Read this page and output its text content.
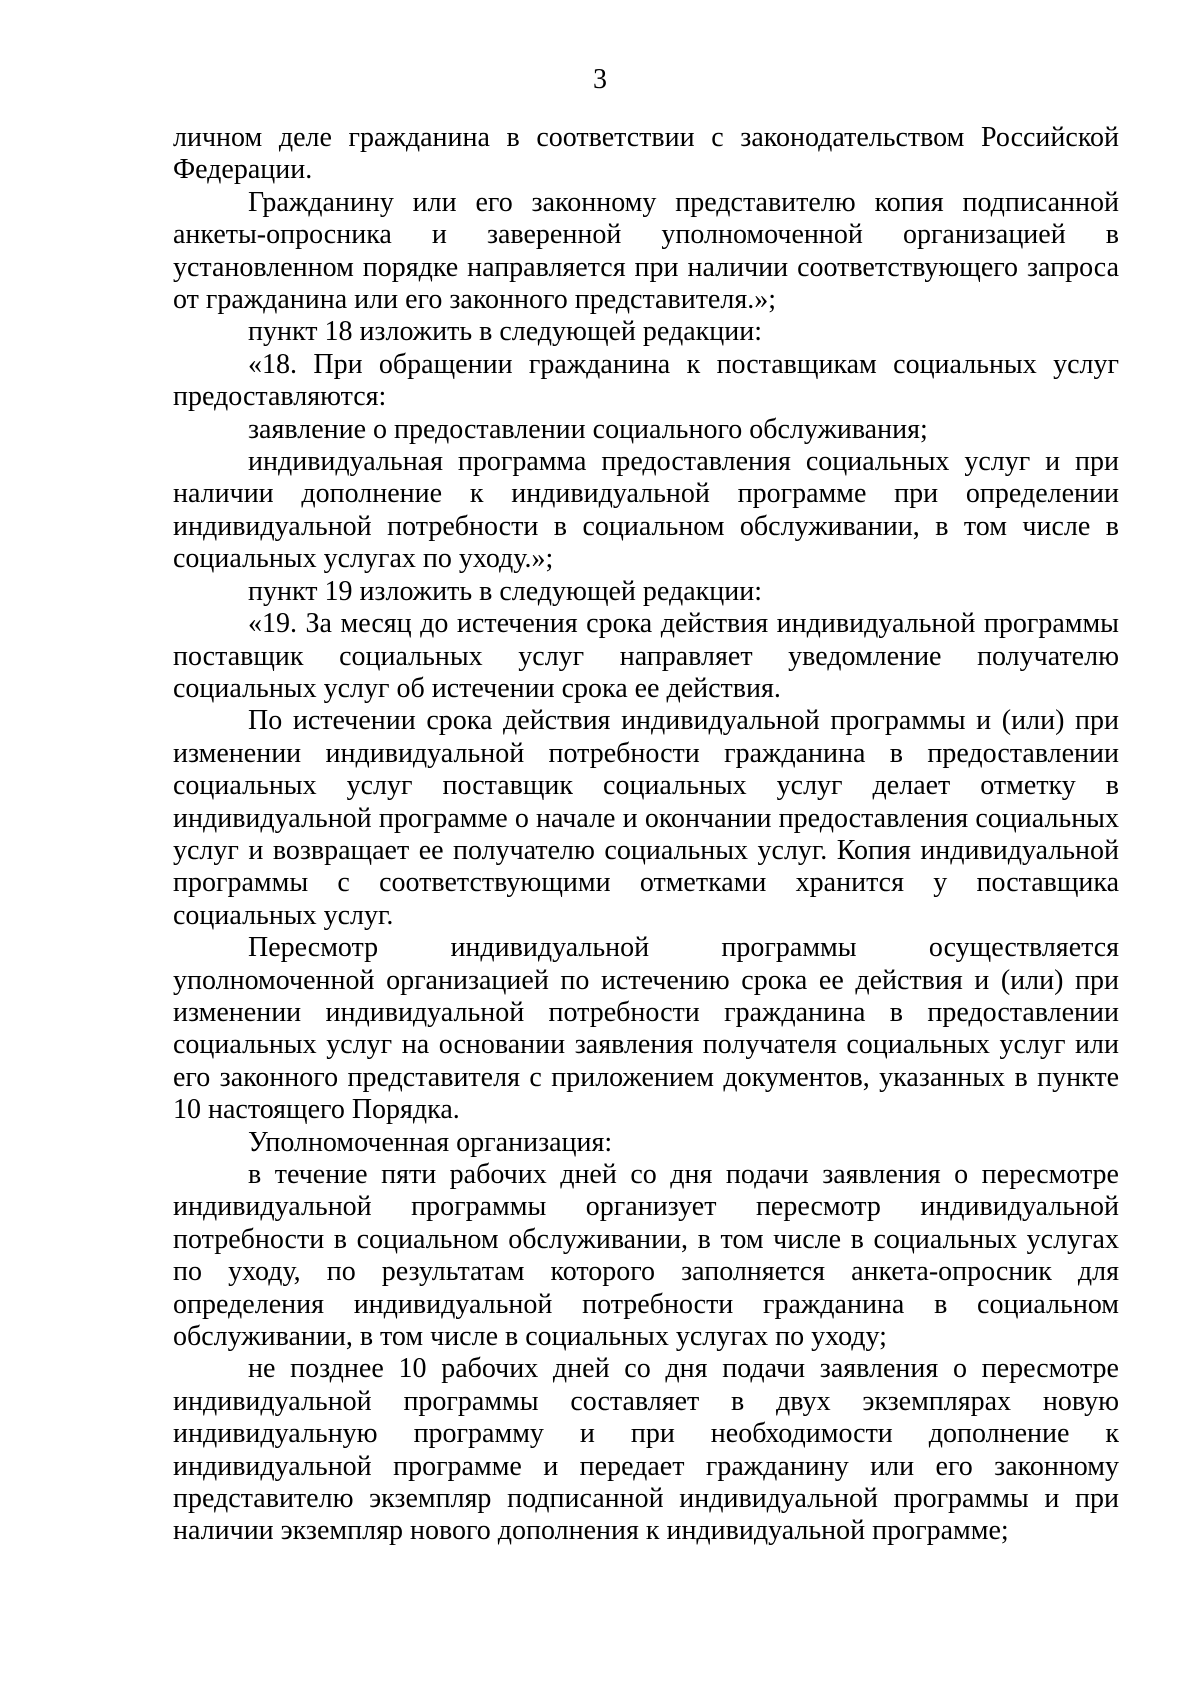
3

личном деле гражданина в соответствии с законодательством Российской Федерации.

Гражданину или его законному представителю копия подписанной анкеты-опросника и заверенной уполномоченной организацией в установленном порядке направляется при наличии соответствующего запроса от гражданина или его законного представителя.»;

пункт 18 изложить в следующей редакции:

«18. При обращении гражданина к поставщикам социальных услуг предоставляются:

заявление о предоставлении социального обслуживания;

индивидуальная программа предоставления социальных услуг и при наличии дополнение к индивидуальной программе при определении индивидуальной потребности в социальном обслуживании, в том числе в социальных услугах по уходу.»;

пункт 19 изложить в следующей редакции:

«19. За месяц до истечения срока действия индивидуальной программы поставщик социальных услуг направляет уведомление получателю социальных услуг об истечении срока ее действия.

По истечении срока действия индивидуальной программы и (или) при изменении индивидуальной потребности гражданина в предоставлении социальных услуг поставщик социальных услуг делает отметку в индивидуальной программе о начале и окончании предоставления социальных услуг и возвращает ее получателю социальных услуг. Копия индивидуальной программы с соответствующими отметками хранится у поставщика социальных услуг.

Пересмотр индивидуальной программы осуществляется уполномоченной организацией по истечению срока ее действия и (или) при изменении индивидуальной потребности гражданина в предоставлении социальных услуг на основании заявления получателя социальных услуг или его законного представителя с приложением документов, указанных в пункте 10 настоящего Порядка.

Уполномоченная организация:

в течение пяти рабочих дней со дня подачи заявления о пересмотре индивидуальной программы организует пересмотр индивидуальной потребности в социальном обслуживании, в том числе в социальных услугах по уходу, по результатам которого заполняется анкета-опросник для определения индивидуальной потребности гражданина в социальном обслуживании, в том числе в социальных услугах по уходу;

не позднее 10 рабочих дней со дня подачи заявления о пересмотре индивидуальной программы составляет в двух экземплярах новую индивидуальную программу и при необходимости дополнение к индивидуальной программе и передает гражданину или его законному представителю экземпляр подписанной индивидуальной программы и при наличии экземпляр нового дополнения к индивидуальной программе;
